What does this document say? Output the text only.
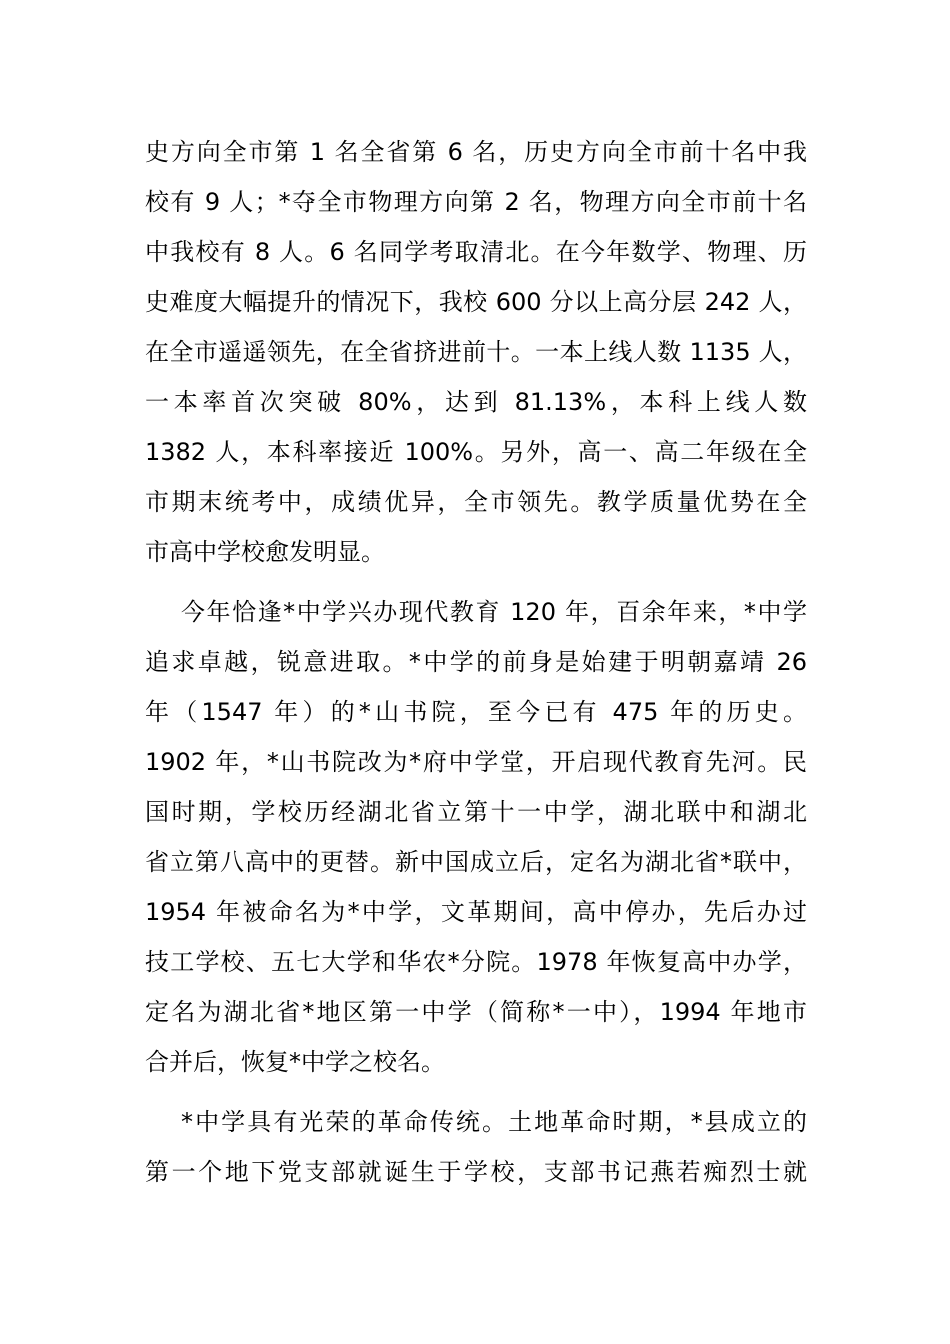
史方向全市第 1 名全省第 6 名，历史方向全市前十名中我
校有 9 人；*夺全市物理方向第 2 名，物理方向全市前十名
中我校有 8 人。6 名同学考取清北。在今年数学、物理、历
史难度大幅提升的情况下，我校 600 分以上高分层 242 人，
在全市遥遥领先，在全省挤进前十。一本上线人数 1135 人，
一本率首次突破 80%，达到 81.13%，本科上线人数
1382 人，本科率接近 100%。另外，高一、高二年级在全
市期末统考中，成绩优异，全市领先。教学质量优势在全
市高中学校愈发明显。
今年恰逢*中学兴办现代教育 120 年，百余年来，*中学
追求卓越，锐意进取。*中学的前身是始建于明朝嘉靖 26
年（1547 年）的*山书院，至今已有 475 年的历史。
1902 年，*山书院改为*府中学堂，开启现代教育先河。民
国时期，学校历经湖北省立第十一中学，湖北联中和湖北
省立第八高中的更替。新中国成立后，定名为湖北省*联中，
1954 年被命名为*中学，文革期间，高中停办，先后办过
技工学校、五七大学和华农*分院。1978 年恢复高中办学，
定名为湖北省*地区第一中学（简称*一中），1994 年地市
合并后，恢复*中学之校名。
*中学具有光荣的革命传统。土地革命时期，*县成立的
第一个地下党支部就诞生于学校，支部书记燕若痴烈士就
